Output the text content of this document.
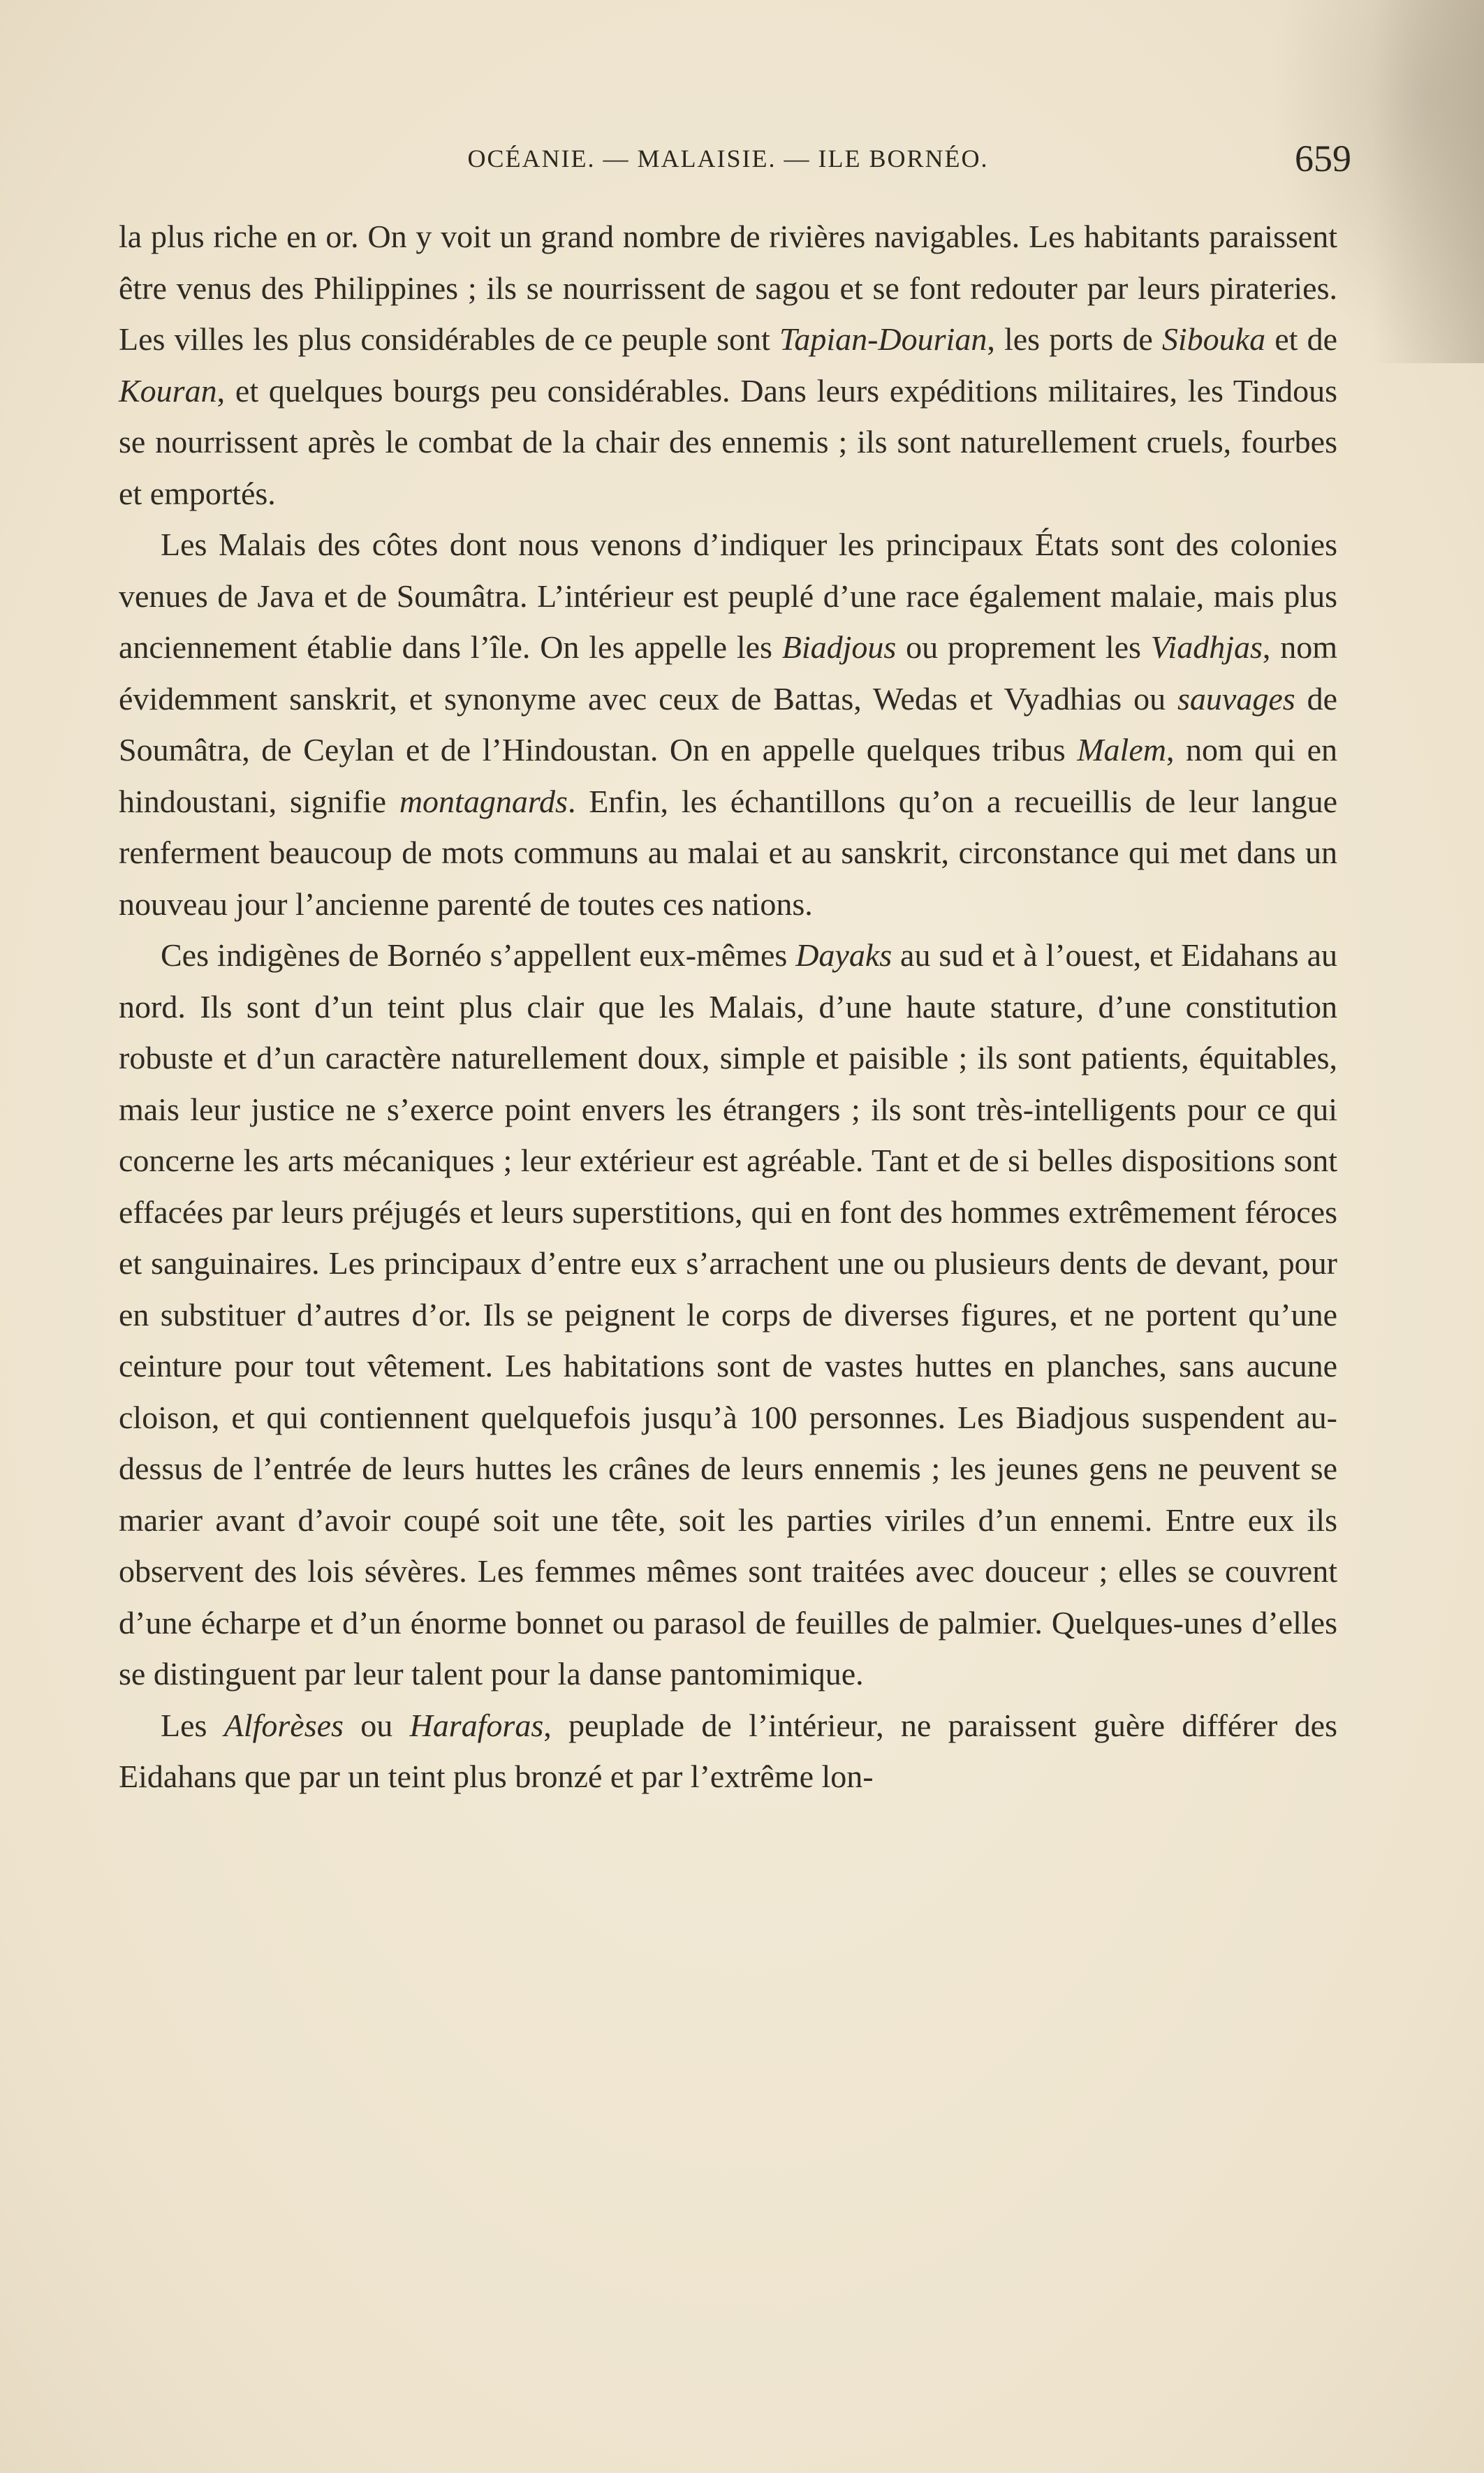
OCÉANIE. — MALAISIE. — ILE BORNÉO.	659

la plus riche en or. On y voit un grand nombre de rivières navigables. Les habitants paraissent être venus des Philippines ; ils se nourrissent de sagou et se font redouter par leurs pirateries. Les villes les plus considérables de ce peuple sont Tapian-Dourian, les ports de Sibouka et de Kouran, et quelques bourgs peu considérables. Dans leurs expéditions militaires, les Tindous se nourrissent après le combat de la chair des ennemis ; ils sont naturellement cruels, fourbes et emportés.

Les Malais des côtes dont nous venons d’indiquer les principaux États sont des colonies venues de Java et de Soumâtra. L’intérieur est peuplé d’une race également malaie, mais plus anciennement établie dans l’île. On les appelle les Biadjous ou proprement les Viadhjas, nom évidemment sanskrit, et synonyme avec ceux de Battas, Wedas et Vyadhias ou sauvages de Soumâtra, de Ceylan et de l’Hindoustan. On en appelle quelques tribus Malem, nom qui en hindoustani, signifie montagnards. Enfin, les échantillons qu’on a recueillis de leur langue renferment beaucoup de mots communs au malai et au sanskrit, circonstance qui met dans un nouveau jour l’ancienne parenté de toutes ces nations.

Ces indigènes de Bornéo s’appellent eux-mêmes Dayaks au sud et à l’ouest, et Eidahans au nord. Ils sont d’un teint plus clair que les Malais, d’une haute stature, d’une constitution robuste et d’un caractère naturellement doux, simple et paisible ; ils sont patients, équitables, mais leur justice ne s’exerce point envers les étrangers ; ils sont très-intelligents pour ce qui concerne les arts mécaniques ; leur extérieur est agréable. Tant et de si belles dispositions sont effacées par leurs préjugés et leurs superstitions, qui en font des hommes extrêmement féroces et sanguinaires. Les principaux d’entre eux s’arrachent une ou plusieurs dents de devant, pour en substituer d’autres d’or. Ils se peignent le corps de diverses figures, et ne portent qu’une ceinture pour tout vêtement. Les habitations sont de vastes huttes en planches, sans aucune cloison, et qui contiennent quelquefois jusqu’à 100 personnes. Les Biadjous suspendent au-dessus de l’entrée de leurs huttes les crânes de leurs ennemis ; les jeunes gens ne peuvent se marier avant d’avoir coupé soit une tête, soit les parties viriles d’un ennemi. Entre eux ils observent des lois sévères. Les femmes mêmes sont traitées avec douceur ; elles se couvrent d’une écharpe et d’un énorme bonnet ou parasol de feuilles de palmier. Quelques-unes d’elles se distinguent par leur talent pour la danse pantomimique.

Les Alforèses ou Haraforas, peuplade de l’intérieur, ne paraissent guère différer des Eidahans que par un teint plus bronzé et par l’extrême lon-
